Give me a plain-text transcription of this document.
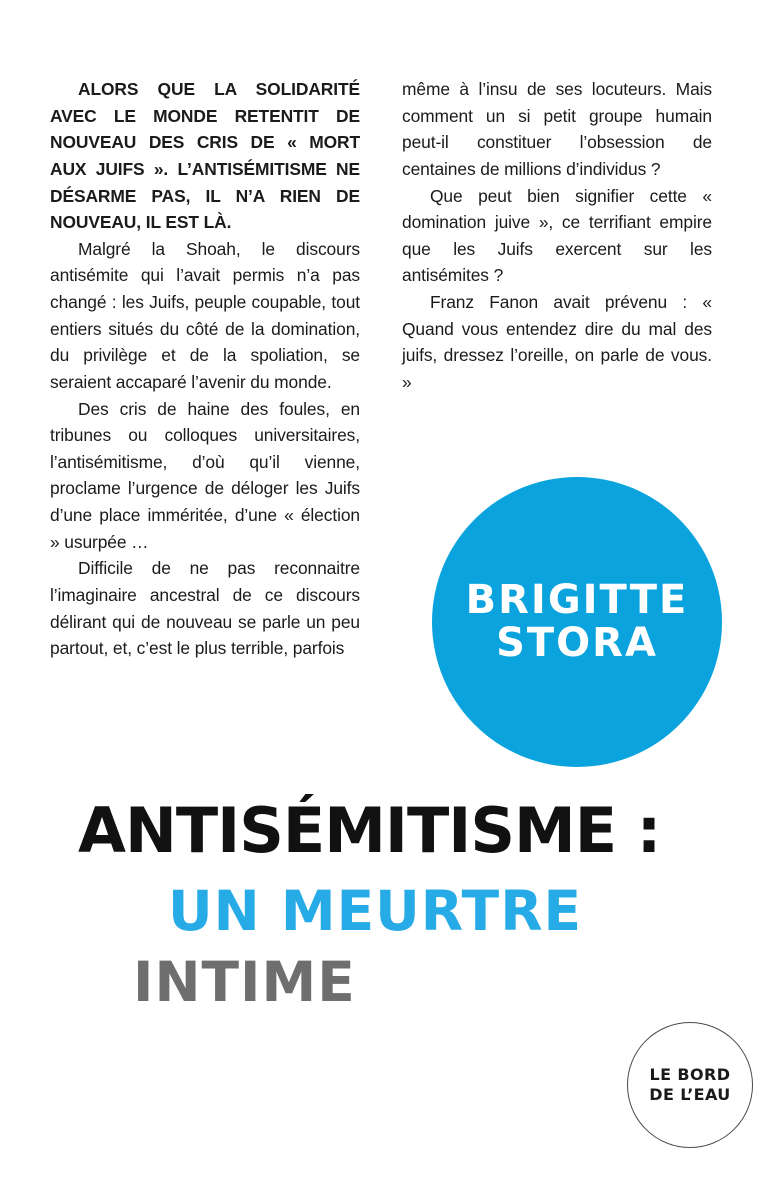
ALORS QUE LA SOLIDARITÉ AVEC LE MONDE RETENTIT DE NOUVEAU DES CRIS DE « MORT AUX JUIFS ». L’ANTISÉMITISME NE DÉSARME PAS, IL N’A RIEN DE NOUVEAU, IL EST LÀ.

Malgré la Shoah, le discours antisémite qui l’avait permis n’a pas changé : les Juifs, peuple coupable, tout entiers situés du côté de la domination, du privilège et de la spoliation, se seraient accaparé l’avenir du monde.

Des cris de haine des foules, en tribunes ou colloques universitaires, l’antisémitisme, d’où qu’il vienne, proclame l’urgence de déloger les Juifs d’une place imméritée, d’une « élection » usurpée …

Difficile de ne pas reconnaitre l’imaginaire ancestral de ce discours délirant qui de nouveau se parle un peu partout, et, c’est le plus terrible, parfois

même à l’insu de ses locuteurs. Mais comment un si petit groupe humain peut-il constituer l’obsession de centaines de millions d’individus ?

Que peut bien signifier cette « domination juive », ce terrifiant empire que les Juifs exercent sur les antisémites ?

Franz Fanon avait prévenu : « Quand vous entendez dire du mal des juifs, dressez l’oreille, on parle de vous. »

BRIGITTE
STORA
ANTISÉMITISME :
UN MEURTRE
INTIME
LE BORD
DE L’EAU
